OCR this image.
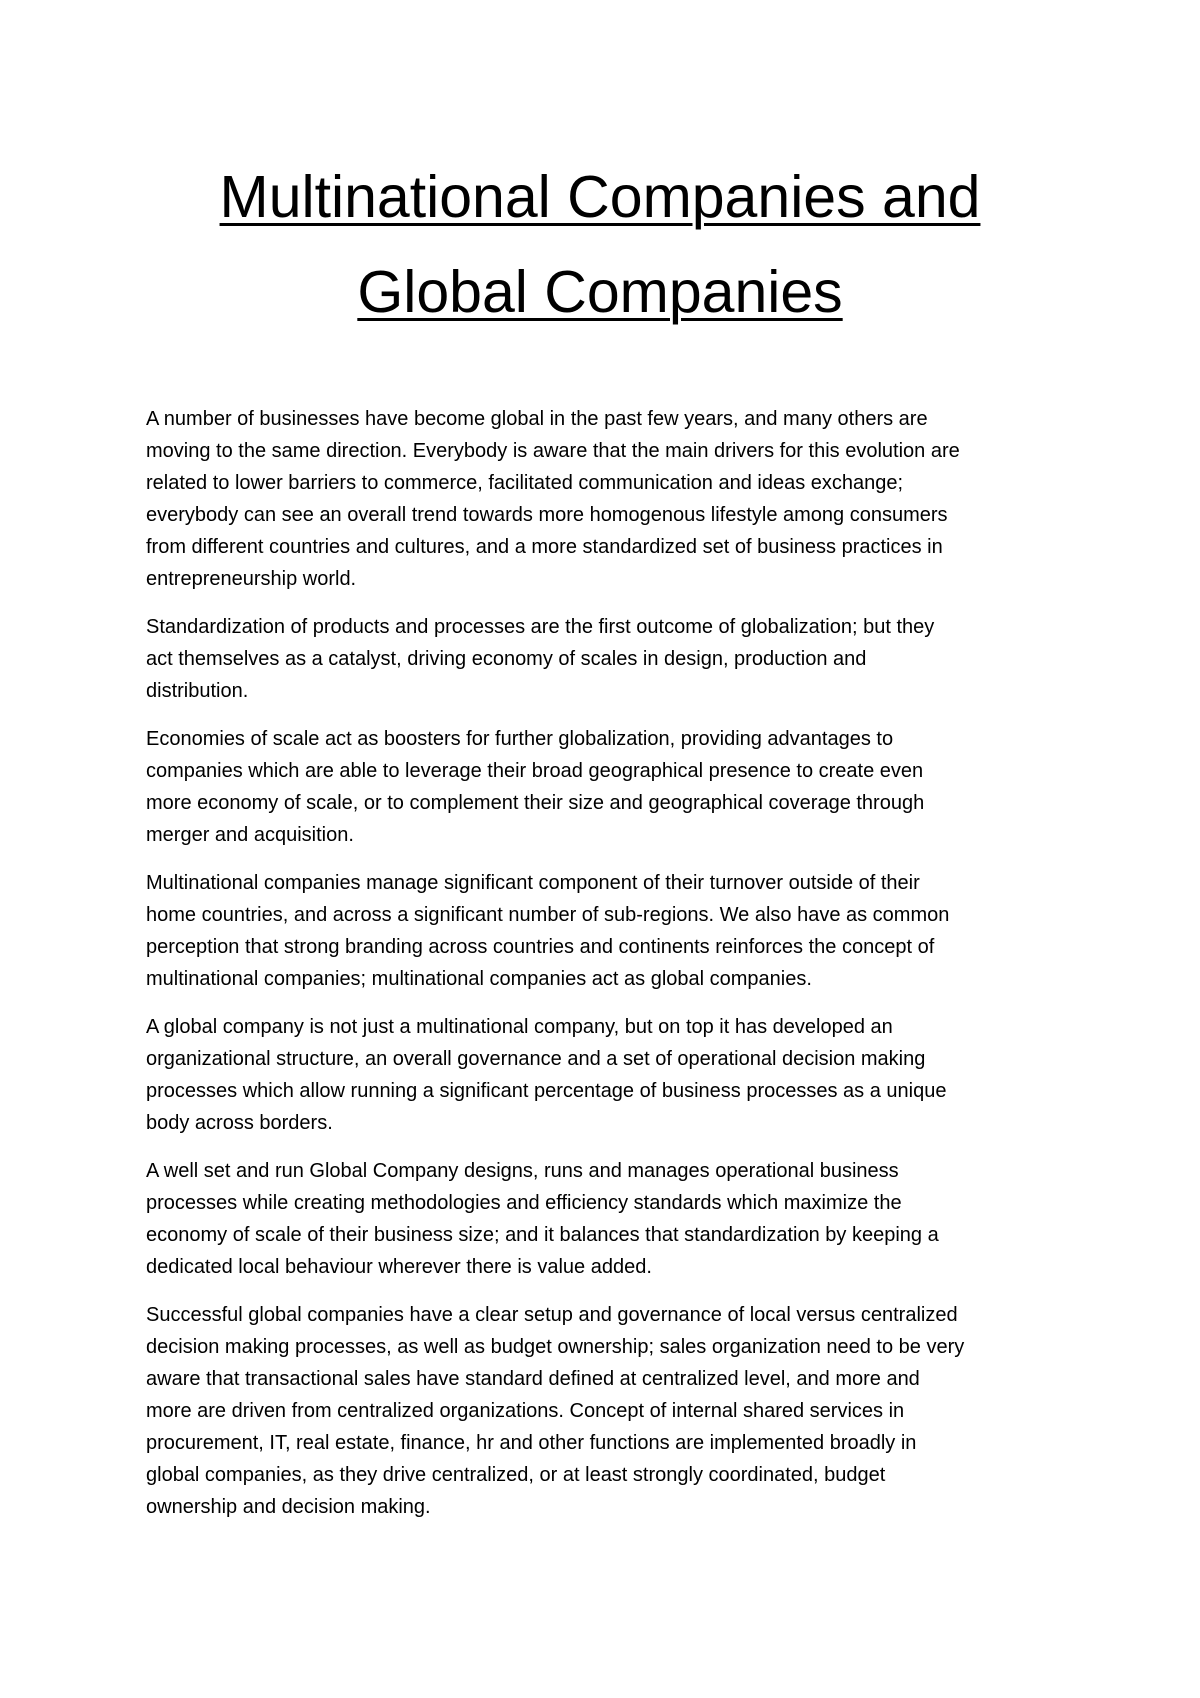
Multinational Companies and
Global Companies

A number of businesses have become global in the past few years, and many others are
moving to the same direction. Everybody is aware that the main drivers for this evolution are
related to lower barriers to commerce, facilitated communication and ideas exchange;
everybody can see an overall trend towards more homogenous lifestyle among consumers
from different countries and cultures, and a more standardized set of business practices in
entrepreneurship world.

Standardization of products and processes are the first outcome of globalization; but they
act themselves as a catalyst, driving economy of scales in design, production and
distribution.

Economies of scale act as boosters for further globalization, providing advantages to
companies which are able to leverage their broad geographical presence to create even
more economy of scale, or to complement their size and geographical coverage through
merger and acquisition.

Multinational companies manage significant component of their turnover outside of their
home countries, and across a significant number of sub-regions. We also have as common
perception that strong branding across countries and continents reinforces the concept of
multinational companies; multinational companies act as global companies.

A global company is not just a multinational company, but on top it has developed an
organizational structure, an overall governance and a set of operational decision making
processes which allow running a significant percentage of business processes as a unique
body across borders.

A well set and run Global Company designs, runs and manages operational business
processes while creating methodologies and efficiency standards which maximize the
economy of scale of their business size; and it balances that standardization by keeping a
dedicated local behaviour wherever there is value added.

Successful global companies have a clear setup and governance of local versus centralized
decision making processes, as well as budget ownership; sales organization need to be very
aware that transactional sales have standard defined at centralized level, and more and
more are driven from centralized organizations. Concept of internal shared services in
procurement, IT, real estate, finance, hr and other functions are implemented broadly in
global companies, as they drive centralized, or at least strongly coordinated, budget
ownership and decision making.
